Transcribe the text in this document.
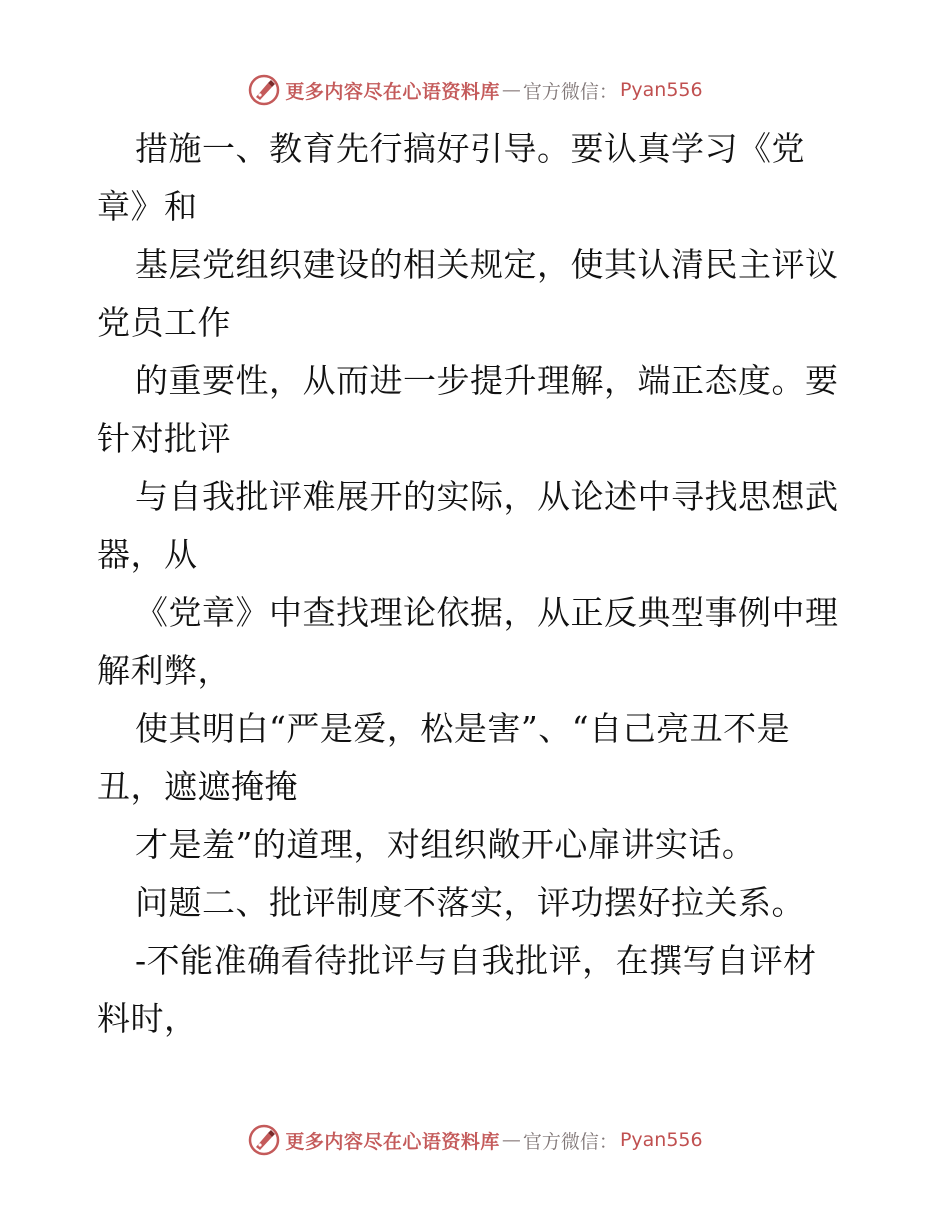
更多内容尽在心语资料库 — 官方微信： Pyan556

措施一、教育先行搞好引导。要认真学习《党

章》和

基层党组织建设的相关规定，使其认清民主评议

党员工作

的重要性，从而进一步提升理解，端正态度。要

针对批评

与自我批评难展开的实际，从论述中寻找思想武

器，从

《党章》中查找理论依据，从正反典型事例中理

解利弊，

使其明白“严是爱，松是害”、“自己亮丑不是

丑，遮遮掩掩

才是羞”的道理，对组织敞开心扉讲实话。

问题二、批评制度不落实，评功摆好拉关系。

-不能准确看待批评与自我批评，在撰写自评材

料时，

更多内容尽在心语资料库 — 官方微信： Pyan556
